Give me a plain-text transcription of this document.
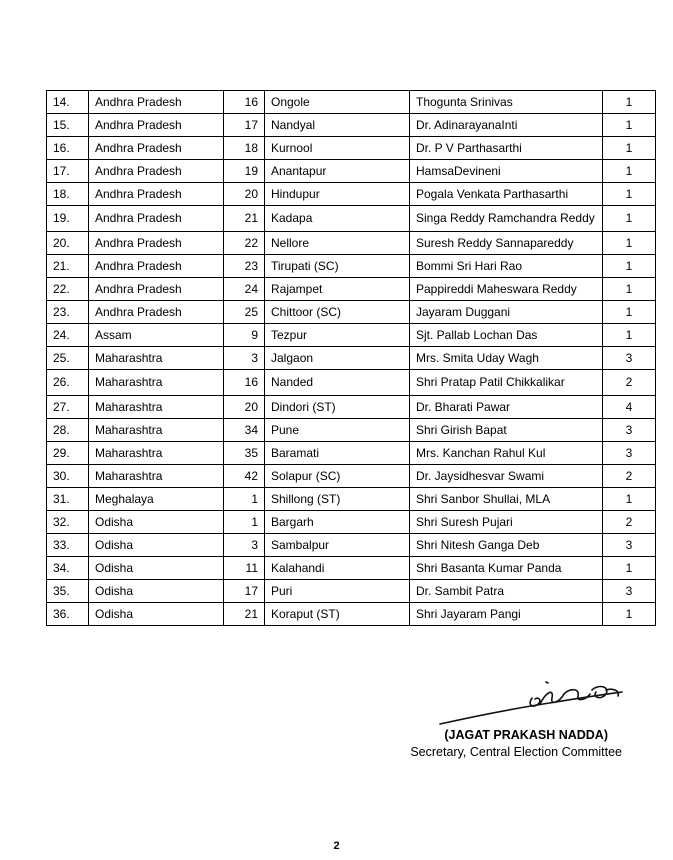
14.	Andhra Pradesh	16	Ongole	Thogunta Srinivas	1
15.	Andhra Pradesh	17	Nandyal	Dr. AdinarayanaInti	1
16.	Andhra Pradesh	18	Kurnool	Dr. P V Parthasarthi	1
17.	Andhra Pradesh	19	Anantapur	HamsaDevineni	1
18.	Andhra Pradesh	20	Hindupur	Pogala Venkata Parthasarthi	1
19.	Andhra Pradesh	21	Kadapa	Singa Reddy Ramchandra Reddy	1
20.	Andhra Pradesh	22	Nellore	Suresh Reddy Sannapareddy	1
21.	Andhra Pradesh	23	Tirupati (SC)	Bommi Sri Hari Rao	1
22.	Andhra Pradesh	24	Rajampet	Pappireddi Maheswara Reddy	1
23.	Andhra Pradesh	25	Chittoor (SC)	Jayaram Duggani	1
24.	Assam	9	Tezpur	Sjt. Pallab Lochan Das	1
25.	Maharashtra	3	Jalgaon	Mrs. Smita Uday Wagh	3
26.	Maharashtra	16	Nanded	Shri Pratap Patil Chikkalikar	2
27.	Maharashtra	20	Dindori (ST)	Dr. Bharati Pawar	4
28.	Maharashtra	34	Pune	Shri Girish Bapat	3
29.	Maharashtra	35	Baramati	Mrs. Kanchan Rahul Kul	3
30.	Maharashtra	42	Solapur (SC)	Dr. Jaysidhesvar Swami	2
31.	Meghalaya	1	Shillong (ST)	Shri Sanbor Shullai, MLA	1
32.	Odisha	1	Bargarh	Shri Suresh Pujari	2
33.	Odisha	3	Sambalpur	Shri Nitesh Ganga Deb	3
34.	Odisha	11	Kalahandi	Shri Basanta Kumar Panda	1
35.	Odisha	17	Puri	Dr. Sambit Patra	3
36.	Odisha	21	Koraput (ST)	Shri Jayaram Pangi	1
(JAGAT PRAKASH NADDA)
Secretary, Central Election Committee
2
